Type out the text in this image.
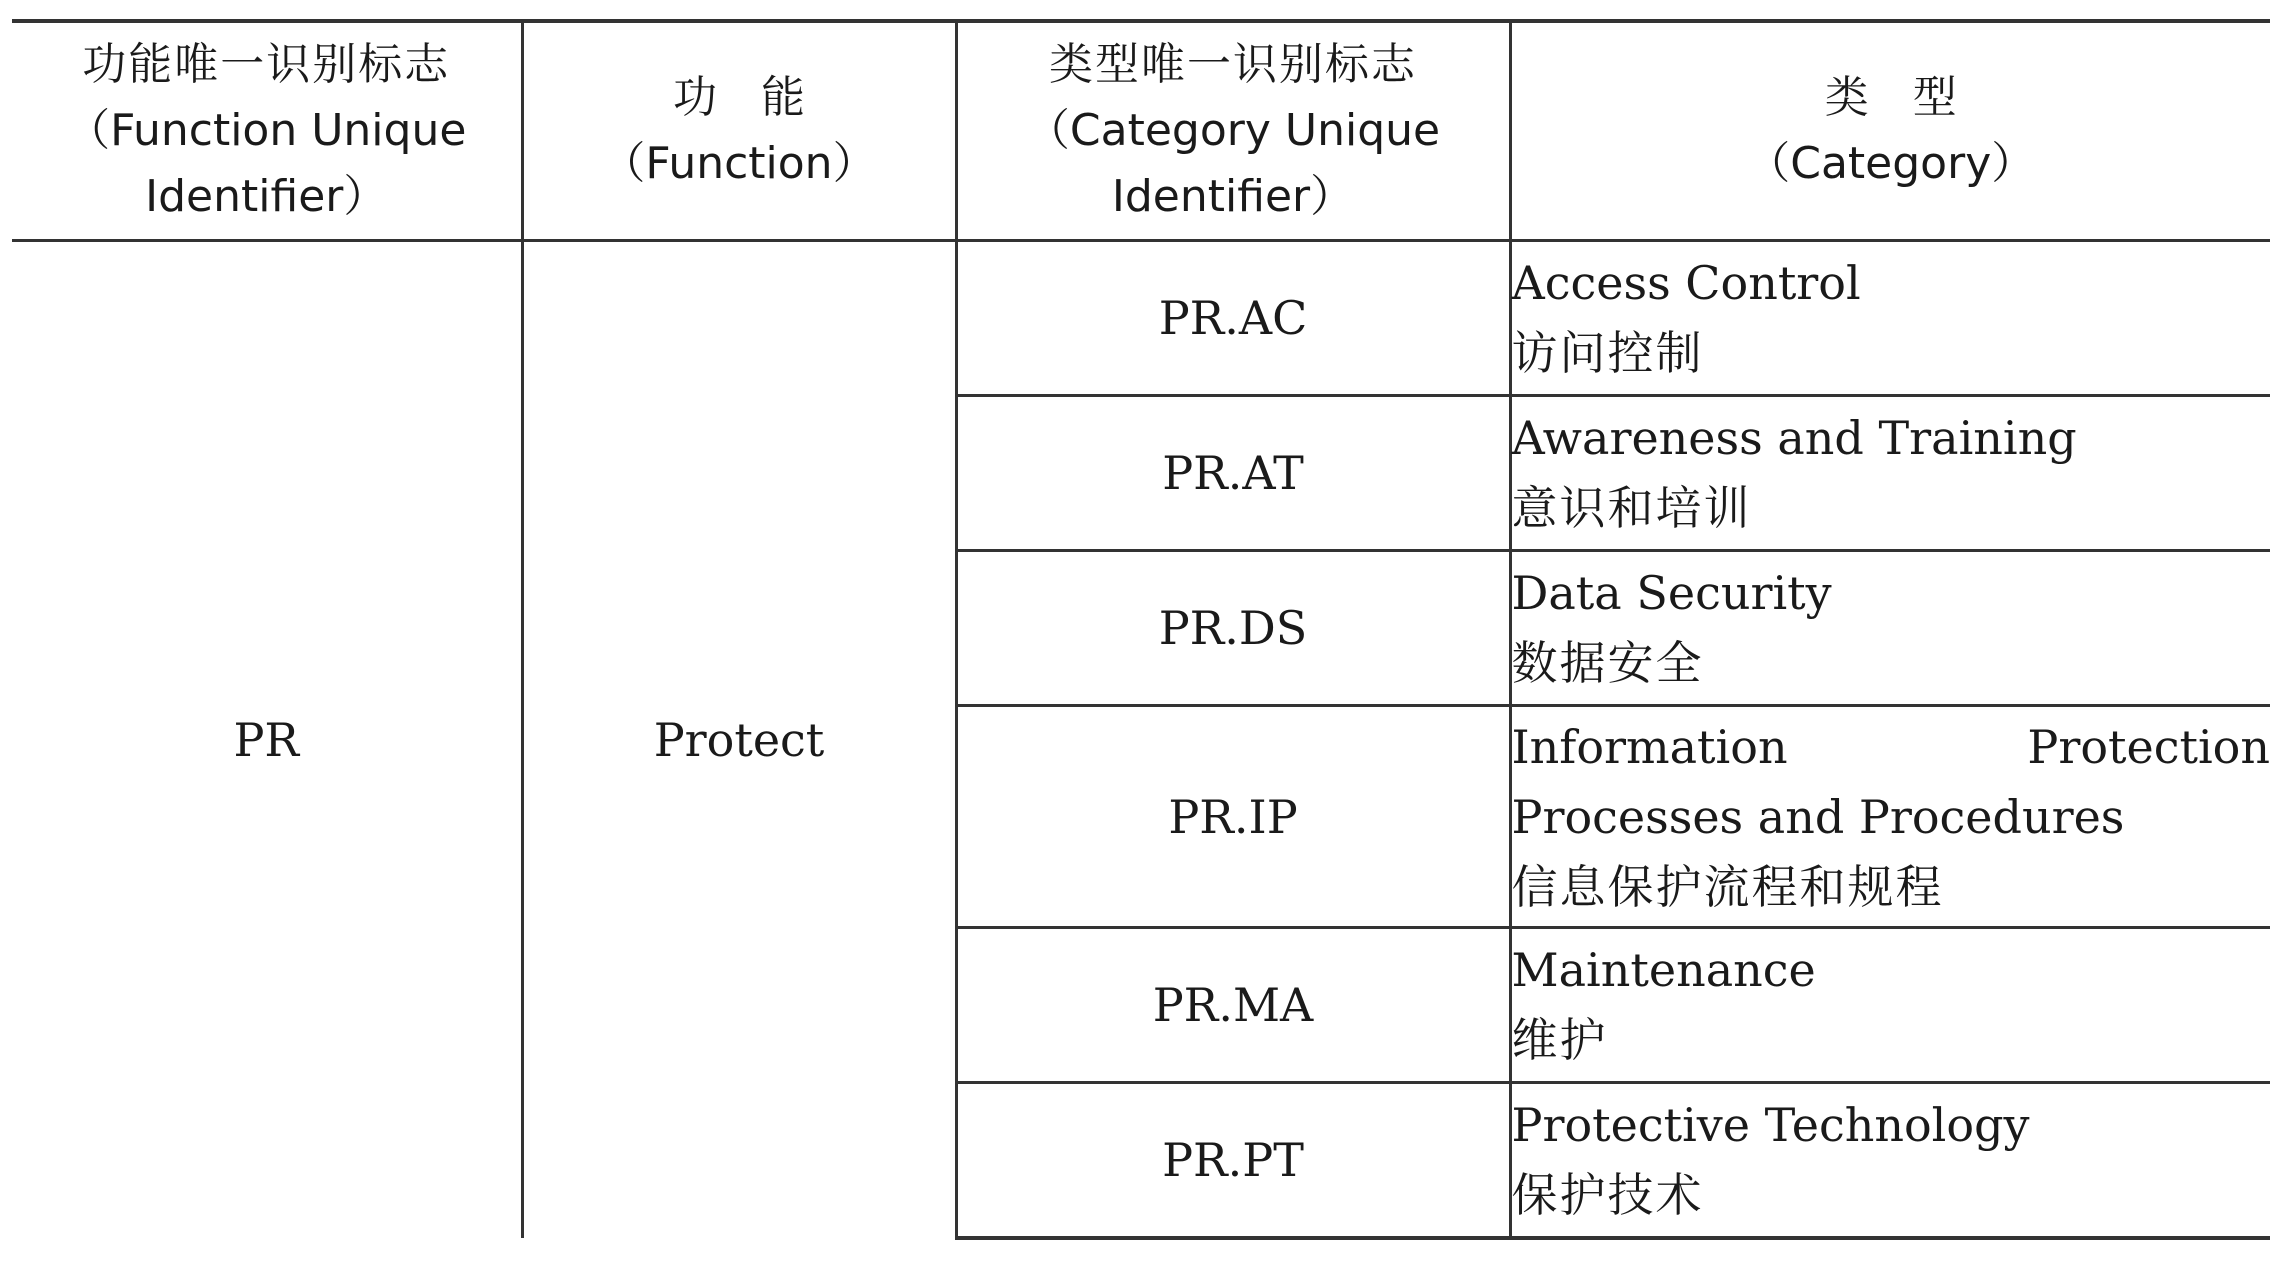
功能唯一识别标志
（Function Unique
Identifier）	功能
（Function）	类型唯一识别标志
（Category Unique
Identifier）	类型
（Category）

PR	Protect	PR.AC	Access Control
访问控制

		PR.AT	Awareness and Training
意识和培训

		PR.DS	Data Security
数据安全

		PR.IP	Information Protection Processes and Procedures
信息保护流程和规程

		PR.MA	Maintenance
维护

		PR.PT	Protective Technology
保护技术
